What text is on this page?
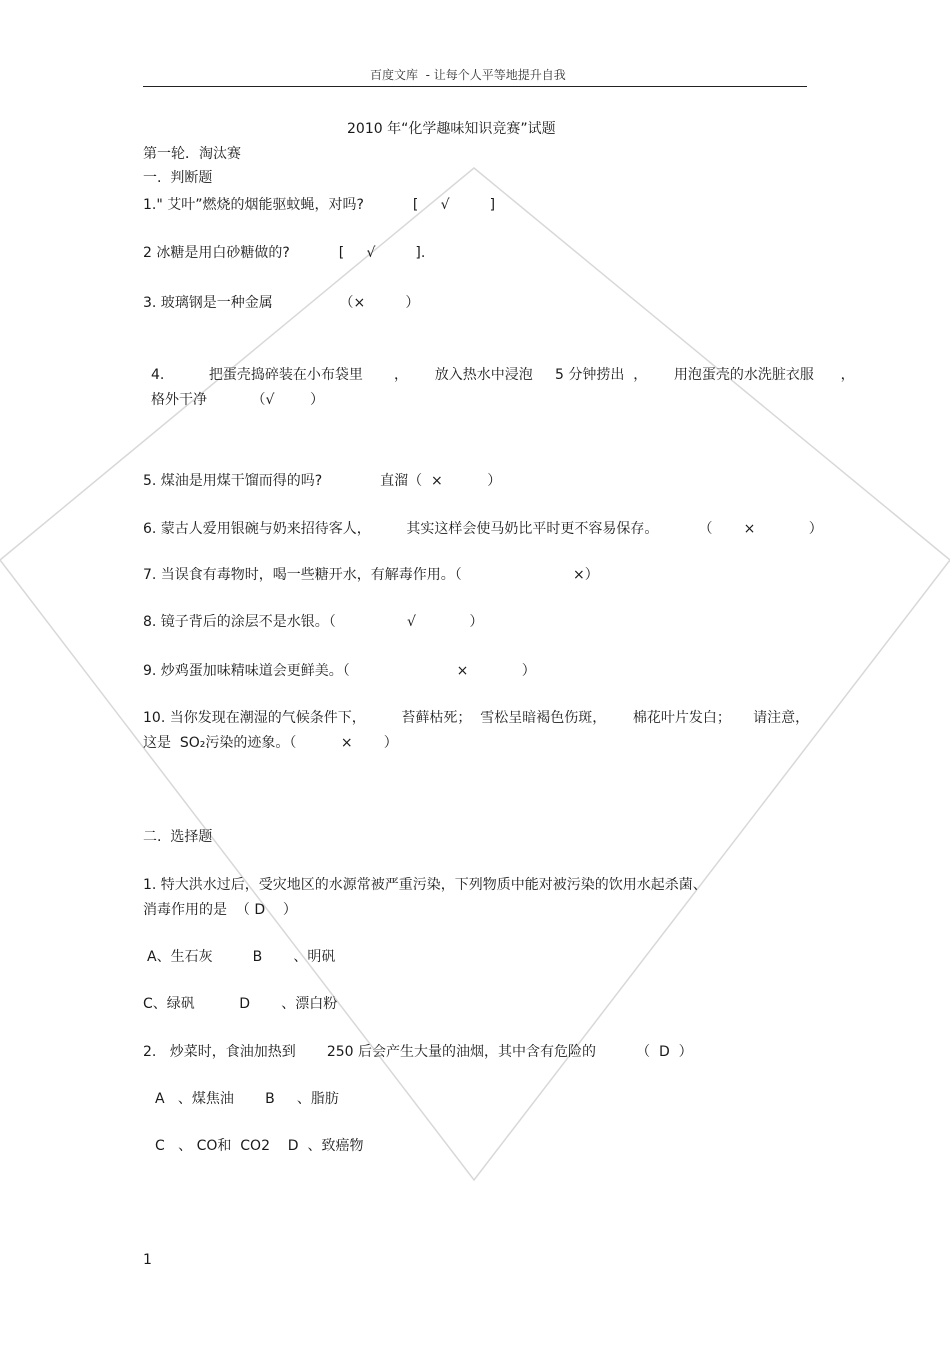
百度文库  - 让每个人平等地提升自我
2010 年“化学趣味知识竞赛”试题
第一轮．淘汰赛
一.  判断题
1." 艾叶”燃烧的烟能驱蚊蝇，对吗?           [     √         ]
2 冰糖是用白砂糖做的?           [     √         ].
3. 玻璃钢是一种金属               （×         ）
4.          把蛋壳捣碎装在小布袋里       ，      放入热水中浸泡     5 分钟捞出  ，      用泡蛋壳的水洗脏衣服      ，
格外干净          （√        ）
5. 煤油是用煤干馏而得的吗?             直溜（  ×          ）
6. 蒙古人爱用银碗与奶来招待客人，        其实这样会使马奶比平时更不容易保存。         （       ×            ）
7. 当误食有毒物时，喝一些糖开水，有解毒作用。（                         ×）
8. 镜子背后的涂层不是水银。（                √            ）
9. 炒鸡蛋加味精味道会更鲜美。（                        ×            ）
10. 当你发现在潮湿的气候条件下，        苔藓枯死；  雪松呈暗褐色伤斑，      棉花叶片发白；     请注意，
这是  SO₂污染的迹象。（          ×       ）
二.  选择题
1. 特大洪水过后，受灾地区的水源常被严重污染，下列物质中能对被污染的饮用水起杀菌、
消毒作用的是  （ D    ）
A、生石灰         B       、明矾
C、绿矾          D       、漂白粉
2.   炒菜时，食油加热到       250 后会产生大量的油烟，其中含有危险的         （  D  ）
A   、煤焦油       B     、脂肪
C   、 CO和  CO2    D  、致癌物
1
